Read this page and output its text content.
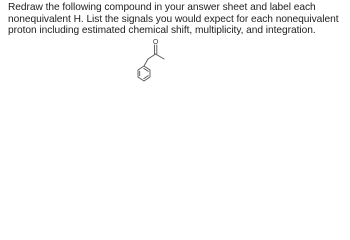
Redraw the following compound in your answer sheet and label each nonequivalent H. List the signals you would expect for each nonequivalent proton including estimated chemical shift, multiplicity, and integration.

O
